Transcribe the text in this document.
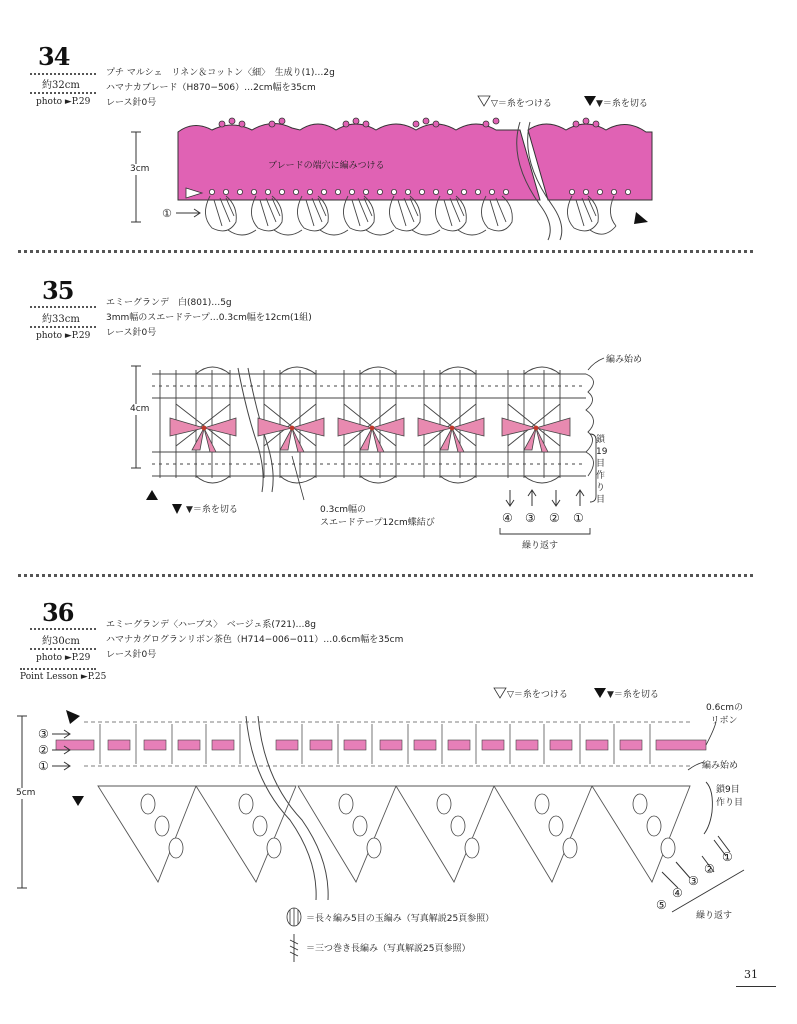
34
約32cm
photo ►P.29
プチ マルシェ　リネン＆コットン〈細〉　生成り(1)…2g
ハマナカブレード（H870−506）…2cm幅を35cm
レース針0号	▽＝糸をつける	▼＝糸を切る
3cm	ブレードの端穴に編みつける
①
35
約33cm
photo ►P.29
エミーグランデ　白(801)…5g
3mm幅のスエードテープ…0.3cm幅を12cm(1組)
レース針0号
4cm
編み始め
鎖19目作り目
▼＝糸を切る	0.3cm幅の
スエードテープ12cm蝶結び	④ ③ ② ①
繰り返す
36
約30cm
photo ►P.29
Point Lesson ►P.25
エミーグランデ〈ハーブス〉　ベージュ系(721)…8g
ハマナカグログランリボン茶色（H714−006−011）…0.6cm幅を35cm
レース針0号
▽＝糸をつける	▼＝糸を切る
5cm
③
②
①
0.6cmの
リボン
編み始め
鎖9目
作り目
⑤
④
③
②
①
繰り返す
＝長々編み5目の玉編み（写真解説25頁参照）
＝三つ巻き長編み（写真解説25頁参照）
31
